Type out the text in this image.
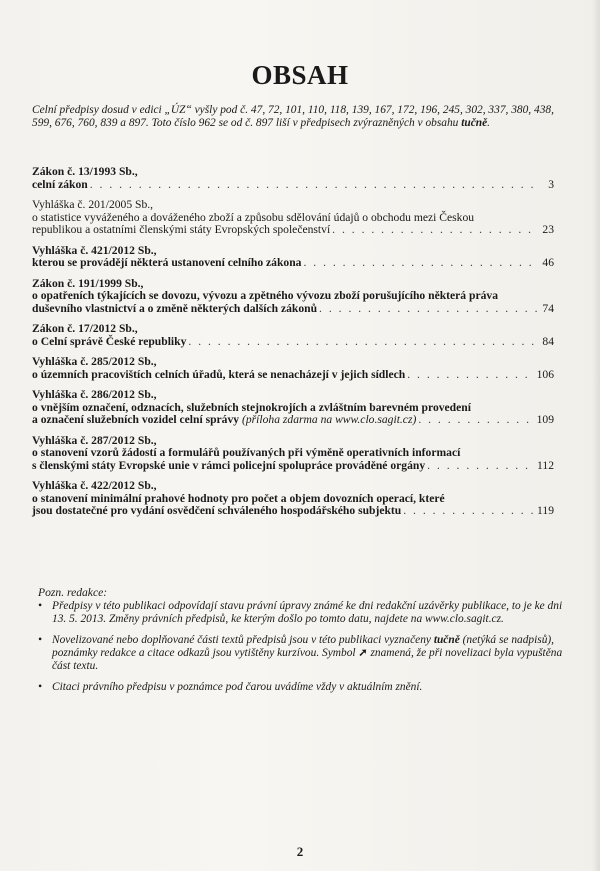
OBSAH
Celní předpisy dosud v edici „ÚZ“ vyšly pod č. 47, 72, 101, 110, 118, 139, 167, 172, 196, 245, 302, 337, 380, 438, 599, 676, 760, 839 a 897. Toto číslo 962 se od č. 897 liší v předpisech zvýrazněných v obsahu tučně.
Zákon č. 13/1993 Sb.,
celní zákon . . .	3
Vyhláška č. 201/2005 Sb.,
o statistice vyváženého a dováženého zboží a způsobu sdělování údajů o obchodu mezi Českou
republikou a ostatními členskými státy Evropských společenství . . .	23
Vyhláška č. 421/2012 Sb.,
kterou se provádějí některá ustanovení celního zákona . . .	46
Zákon č. 191/1999 Sb.,
o opatřeních týkajících se dovozu, vývozu a zpětného vývozu zboží porušujícího některá práva
duševního vlastnictví a o změně některých dalších zákonů . . .	74
Zákon č. 17/2012 Sb.,
o Celní správě České republiky . . .	84
Vyhláška č. 285/2012 Sb.,
o územních pracovištích celních úřadů, která se nenacházejí v jejich sídlech . . .	106
Vyhláška č. 286/2012 Sb.,
o vnějším označení, odznacích, služebních stejnokrojích a zvláštním barevném provedení
a označení služebních vozidel celní správy (příloha zdarma na www.clo.sagit.cz) . . .	109
Vyhláška č. 287/2012 Sb.,
o stanovení vzorů žádostí a formulářů používaných při výměně operativních informací
s členskými státy Evropské unie v rámci policejní spolupráce prováděné orgány . . .	112
Vyhláška č. 422/2012 Sb.,
o stanovení minimální prahové hodnoty pro počet a objem dovozních operací, které
jsou dostatečné pro vydání osvědčení schváleného hospodářského subjektu . . .	119
Pozn. redakce:
• Předpisy v této publikaci odpovídají stavu právní úpravy známé ke dni redakční uzávěrky publikace, to je ke dni 13. 5. 2013. Změny právních předpisů, ke kterým došlo po tomto datu, najdete na www.clo.sagit.cz.
• Novelizované nebo doplňované části textů předpisů jsou v této publikaci vyznačeny tučně (netýká se nadpisů), poznámky redakce a citace odkazů jsou vytištěny kurzívou. Symbol ➚ znamená, že při novelizaci byla vypuštěna část textu.
• Citaci právního předpisu v poznámce pod čarou uvádíme vždy v aktuálním znění.
2
